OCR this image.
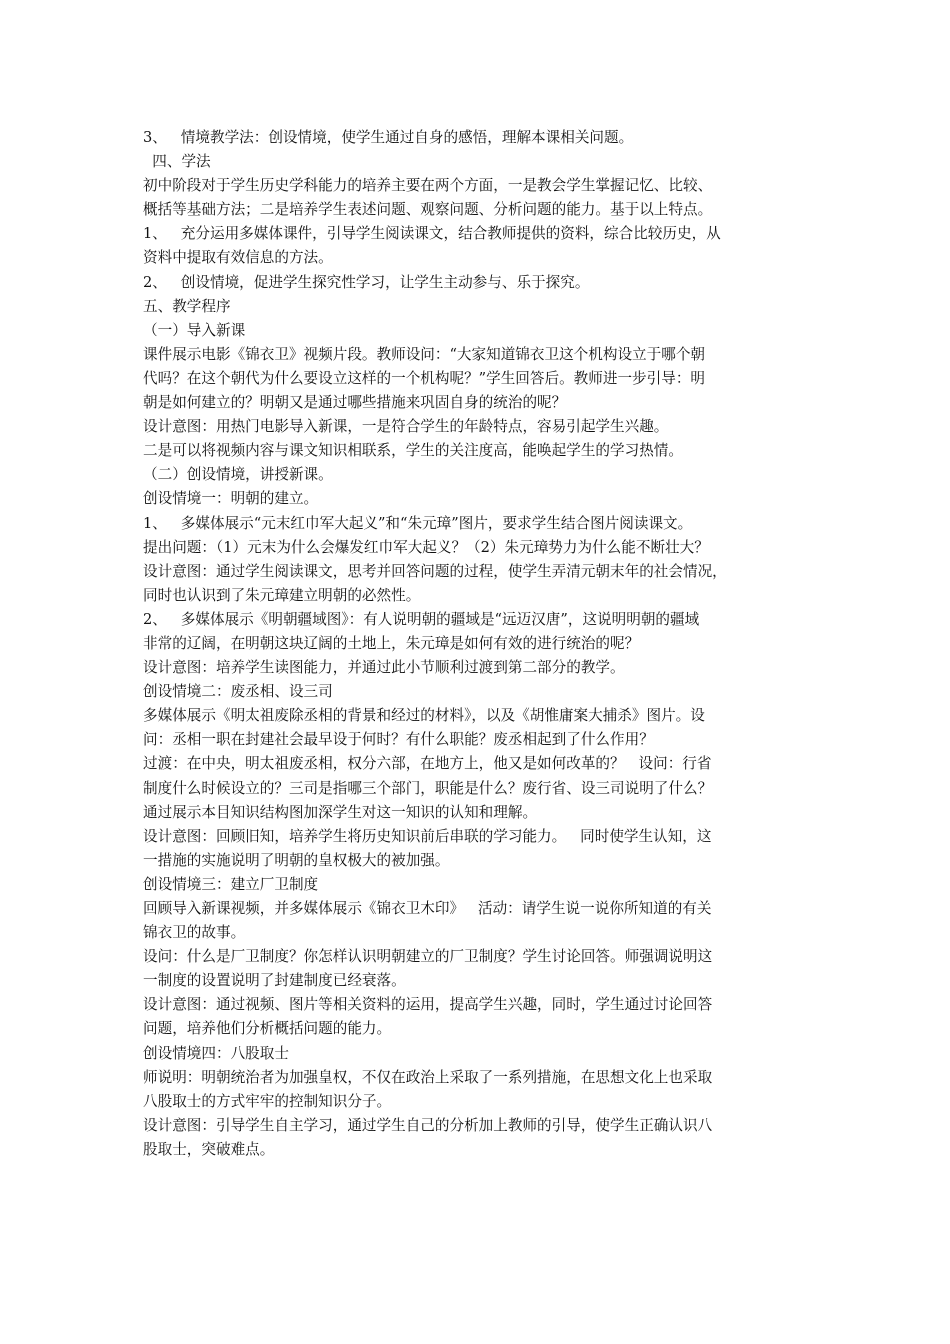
3、   情境教学法：创设情境，使学生通过自身的感悟，理解本课相关问题。
四、学法
初中阶段对于学生历史学科能力的培养主要在两个方面，一是教会学生掌握记忆、比较、
概括等基础方法；二是培养学生表述问题、观察问题、分析问题的能力。基于以上特点。
1、   充分运用多媒体课件，引导学生阅读课文，结合教师提供的资料，综合比较历史，从
资料中提取有效信息的方法。
2、   创设情境，促进学生探究性学习，让学生主动参与、乐于探究。
五、教学程序
（一）导入新课
课件展示电影《锦衣卫》视频片段。教师设问：“大家知道锦衣卫这个机构设立于哪个朝
代吗？在这个朝代为什么要设立这样的一个机构呢？”学生回答后。教师进一步引导：明
朝是如何建立的？明朝又是通过哪些措施来巩固自身的统治的呢？
设计意图：用热门电影导入新课，一是符合学生的年龄特点，容易引起学生兴趣。
二是可以将视频内容与课文知识相联系，学生的关注度高，能唤起学生的学习热情。
（二）创设情境，讲授新课。
创设情境一：明朝的建立。
1、   多媒体展示“元末红巾军大起义”和“朱元璋”图片，要求学生结合图片阅读课文。
提出问题：（1）元末为什么会爆发红巾军大起义？（2）朱元璋势力为什么能不断壮大？
设计意图：通过学生阅读课文，思考并回答问题的过程，使学生弄清元朝末年的社会情况，
同时也认识到了朱元璋建立明朝的必然性。
2、   多媒体展示《明朝疆域图》：有人说明朝的疆域是“远迈汉唐”，这说明明朝的疆域
非常的辽阔，在明朝这块辽阔的土地上，朱元璋是如何有效的进行统治的呢？
设计意图：培养学生读图能力，并通过此小节顺利过渡到第二部分的教学。
创设情境二：废丞相、设三司
多媒体展示《明太祖废除丞相的背景和经过的材料》，以及《胡惟庸案大捕杀》图片。设
问：丞相一职在封建社会最早设于何时？有什么职能？废丞相起到了什么作用？
过渡：在中央，明太祖废丞相，权分六部，在地方上，他又是如何改革的？   设问：行省
制度什么时候设立的？三司是指哪三个部门，职能是什么？废行省、设三司说明了什么？
通过展示本目知识结构图加深学生对这一知识的认知和理解。
设计意图：回顾旧知，培养学生将历史知识前后串联的学习能力。   同时使学生认知，这
一措施的实施说明了明朝的皇权极大的被加强。
创设情境三：建立厂卫制度
回顾导入新课视频，并多媒体展示《锦衣卫木印》   活动：请学生说一说你所知道的有关
锦衣卫的故事。
设问：什么是厂卫制度？你怎样认识明朝建立的厂卫制度？学生讨论回答。师强调说明这
一制度的设置说明了封建制度已经衰落。
设计意图：通过视频、图片等相关资料的运用，提高学生兴趣，同时，学生通过讨论回答
问题，培养他们分析概括问题的能力。
创设情境四：八股取士
师说明：明朝统治者为加强皇权，不仅在政治上采取了一系列措施，在思想文化上也采取
八股取士的方式牢牢的控制知识分子。
设计意图：引导学生自主学习，通过学生自己的分析加上教师的引导，使学生正确认识八
股取士，突破难点。
